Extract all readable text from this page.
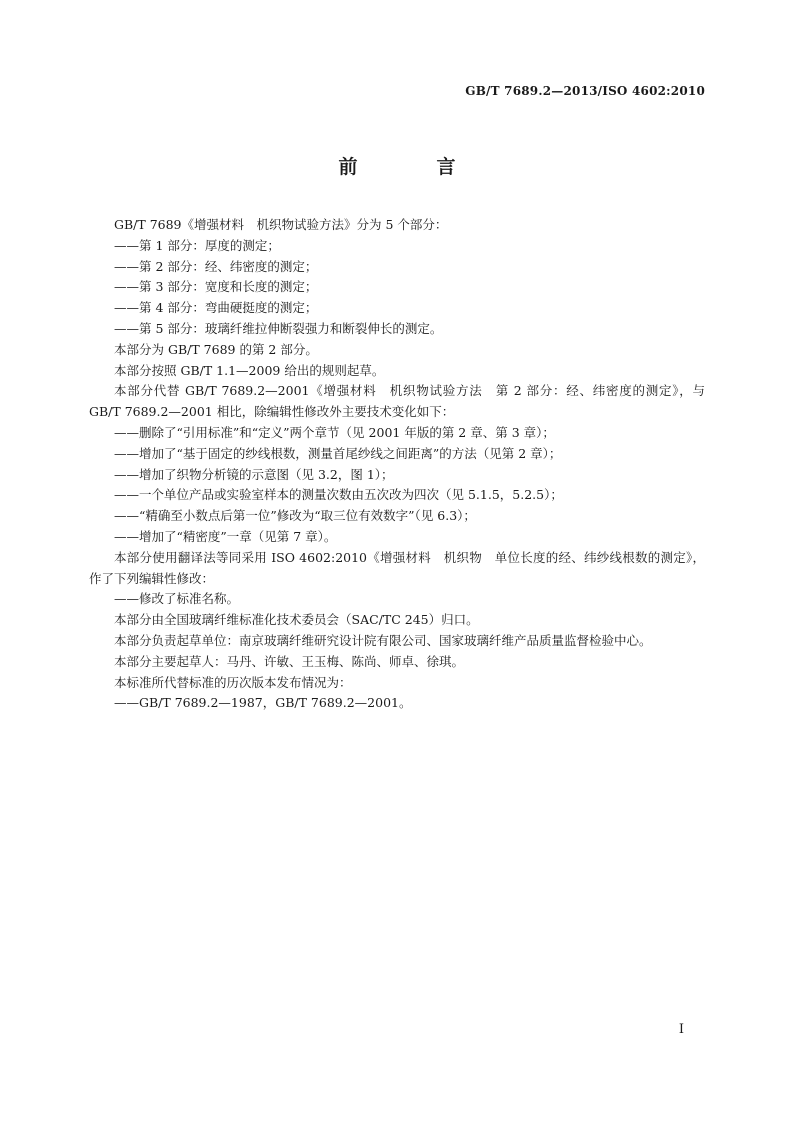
GB/T 7689.2—2013/ISO 4602:2010
前　言

GB/T 7689《增强材料　机织物试验方法》分为 5 个部分：

——第 1 部分：厚度的测定；

——第 2 部分：经、纬密度的测定；

——第 3 部分：宽度和长度的测定；

——第 4 部分：弯曲硬挺度的测定；

——第 5 部分：玻璃纤维拉伸断裂强力和断裂伸长的测定。

本部分为 GB/T 7689 的第 2 部分。

本部分按照 GB/T 1.1—2009 给出的规则起草。

本部分代替 GB/T 7689.2—2001《增强材料　机织物试验方法　第 2 部分：经、纬密度的测定》，与 GB/T 7689.2—2001 相比，除编辑性修改外主要技术变化如下：

——删除了“引用标准”和“定义”两个章节（见 2001 年版的第 2 章、第 3 章）；

——增加了“基于固定的纱线根数，测量首尾纱线之间距离”的方法（见第 2 章）；

——增加了织物分析镜的示意图（见 3.2，图 1）；

——一个单位产品或实验室样本的测量次数由五次改为四次（见 5.1.5，5.2.5）；

——“精确至小数点后第一位”修改为“取三位有效数字”（见 6.3）；

——增加了“精密度”一章（见第 7 章）。

本部分使用翻译法等同采用 ISO 4602:2010《增强材料　机织物　单位长度的经、纬纱线根数的测定》，作了下列编辑性修改：

——修改了标准名称。

本部分由全国玻璃纤维标准化技术委员会（SAC/TC 245）归口。

本部分负责起草单位：南京玻璃纤维研究设计院有限公司、国家玻璃纤维产品质量监督检验中心。

本部分主要起草人：马丹、许敏、王玉梅、陈尚、师卓、徐琪。

本标准所代替标准的历次版本发布情况为：

——GB/T 7689.2—1987，GB/T 7689.2—2001。

I
